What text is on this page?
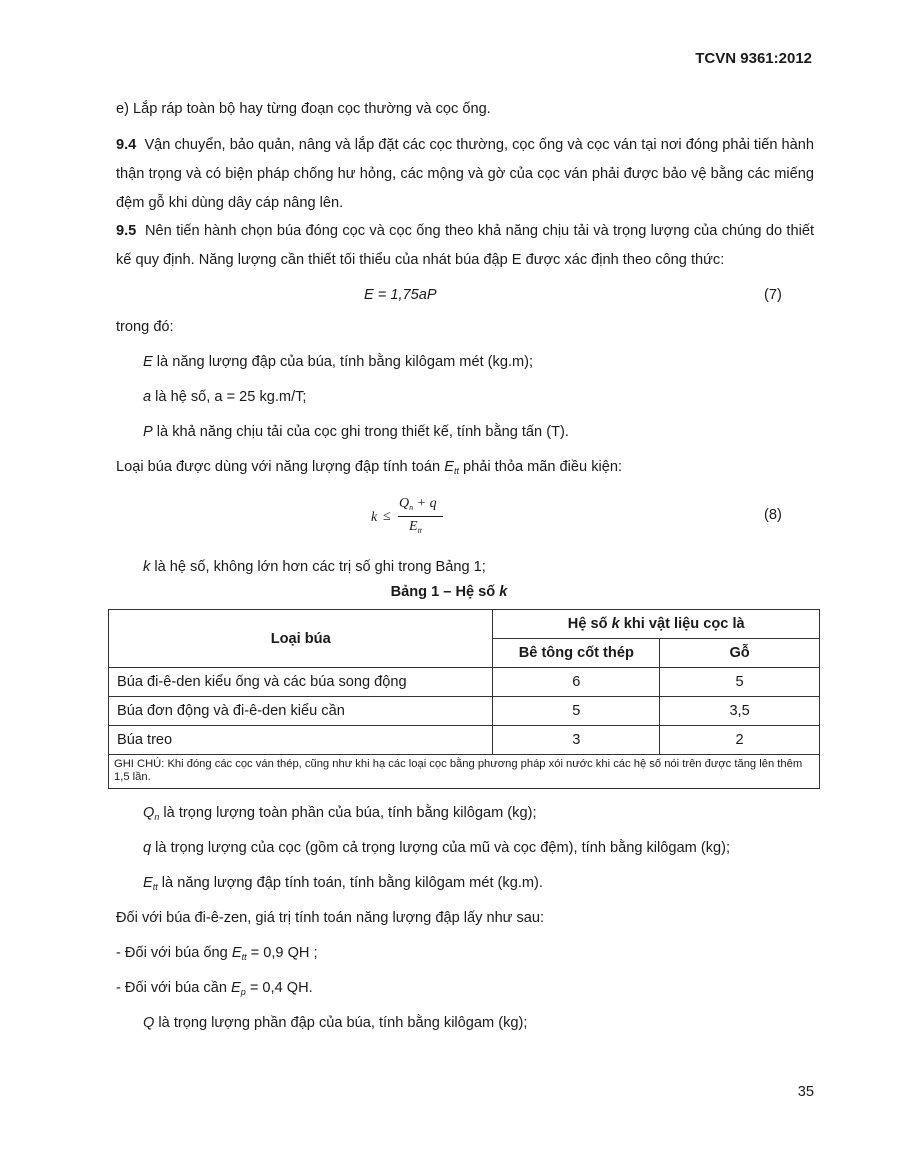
TCVN 9361:2012

e) Lắp ráp toàn bộ hay từng đoạn cọc thường và cọc ống.

9.4 Vận chuyển, bảo quản, nâng và lắp đặt các cọc thường, cọc ống và cọc ván tại nơi đóng phải tiến hành thận trọng và có biện pháp chống hư hỏng, các mộng và gờ của cọc ván phải được bảo vệ bằng các miếng đệm gỗ khi dùng dây cáp nâng lên.

9.5 Nên tiến hành chọn búa đóng cọc và cọc ống theo khả năng chịu tải và trọng lượng của chúng do thiết kế quy định. Năng lượng cần thiết tối thiểu của nhát búa đập E được xác định theo công thức:

E = 1,75aP	(7)

trong đó:

E là năng lượng đập của búa, tính bằng kilôgam mét (kg.m);

a là hệ số, a = 25 kg.m/T;

P là khả năng chịu tải của cọc ghi trong thiết kế, tính bằng tấn (T).

Loại búa được dùng với năng lượng đập tính toán $E_{tt}$ phải thỏa mãn điều kiện:

k ≤
$Q_n + q$
$E_{tt}$
(8)

k là hệ số, không lớn hơn các trị số ghi trong Bảng 1;

Bảng 1 – Hệ số k
Loại búa	Hệ số k khi vật liệu cọc là	
	Bê tông cốt thép	Gỗ
Búa đi-ê-den kiểu ống và các búa song động	6	5
Búa đơn động và đi-ê-den kiểu cần	5	3,5
Búa treo	3	2
GHI CHÚ: Khi đóng các cọc ván thép, cũng như khi hạ các loại cọc bằng phương pháp xói nước khi các hệ số nói trên được tăng lên thêm 1,5 lần.		

$Q_n$ là trọng lượng toàn phần của búa, tính bằng kilôgam (kg);

q là trọng lượng của cọc (gồm cả trọng lượng của mũ và cọc đệm), tính bằng kilôgam (kg);

$E_{tt}$ là năng lượng đập tính toán, tính bằng kilôgam mét (kg.m).

Đối với búa đi-ê-zen, giá trị tính toán năng lượng đập lấy như sau:

- Đối với búa ống $E_{tt} = 0,9$ QH ;

- Đối với búa cần $E_p = 0,4$ QH.

Q là trọng lượng phần đập của búa, tính bằng kilôgam (kg);

35
